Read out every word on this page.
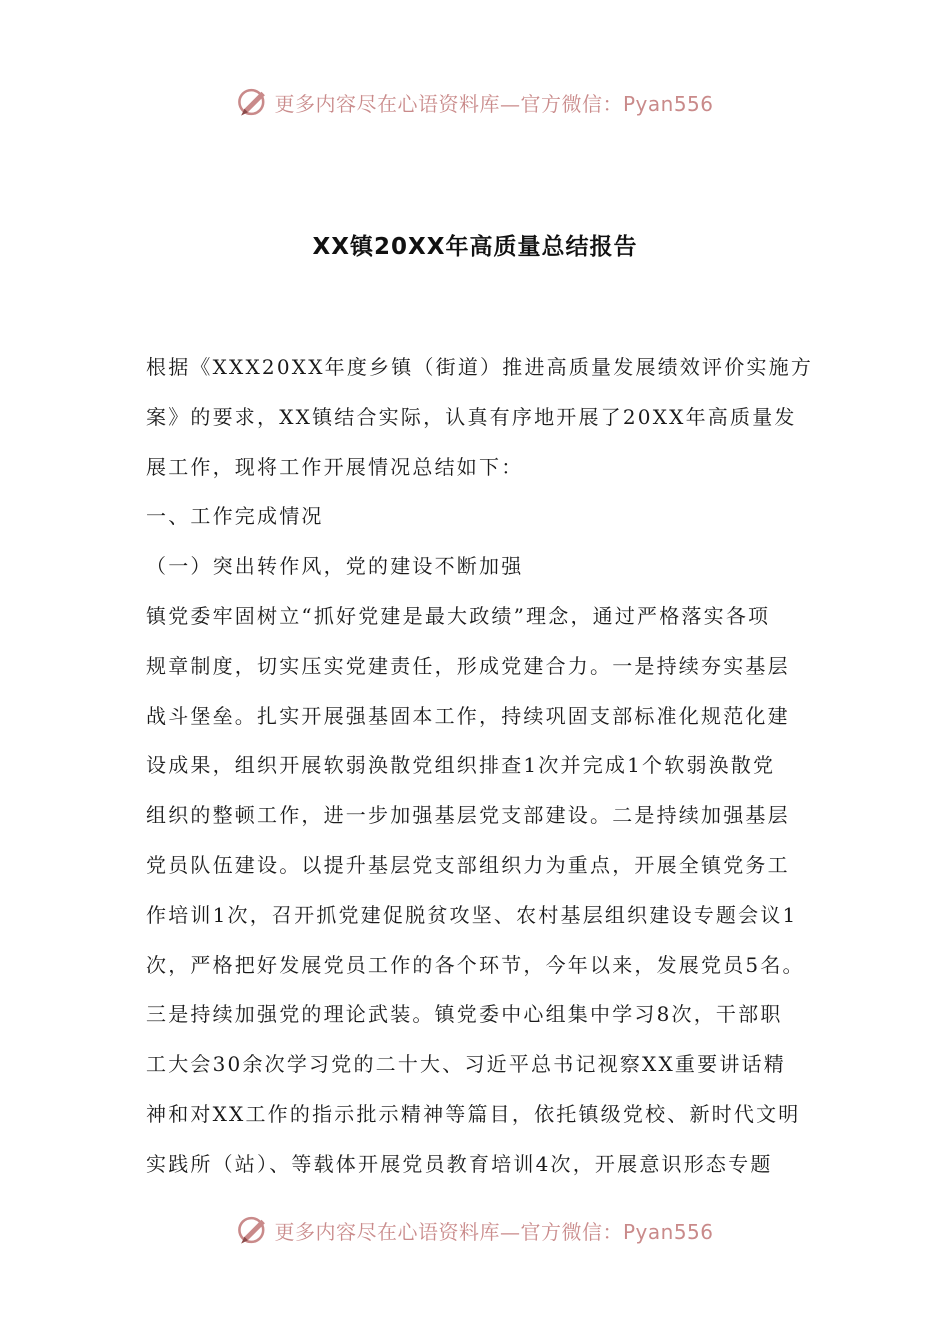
更多内容尽在心语资料库—官方微信：Pyan556
XX镇20XX年高质量总结报告
根据《XXX20XX年度乡镇（街道）推进高质量发展绩效评价实施方
案》的要求，XX镇结合实际，认真有序地开展了20XX年高质量发
展工作，现将工作开展情况总结如下：
一、工作完成情况
（一）突出转作风，党的建设不断加强
镇党委牢固树立“抓好党建是最大政绩”理念，通过严格落实各项
规章制度，切实压实党建责任，形成党建合力。一是持续夯实基层
战斗堡垒。扎实开展强基固本工作，持续巩固支部标准化规范化建
设成果，组织开展软弱涣散党组织排查1次并完成1个软弱涣散党
组织的整顿工作，进一步加强基层党支部建设。二是持续加强基层
党员队伍建设。以提升基层党支部组织力为重点，开展全镇党务工
作培训1次，召开抓党建促脱贫攻坚、农村基层组织建设专题会议1
次，严格把好发展党员工作的各个环节，今年以来，发展党员5名。
三是持续加强党的理论武装。镇党委中心组集中学习8次，干部职
工大会30余次学习党的二十大、习近平总书记视察XX重要讲话精
神和对XX工作的指示批示精神等篇目，依托镇级党校、新时代文明
实践所（站）、等载体开展党员教育培训4次，开展意识形态专题
更多内容尽在心语资料库—官方微信：Pyan556
